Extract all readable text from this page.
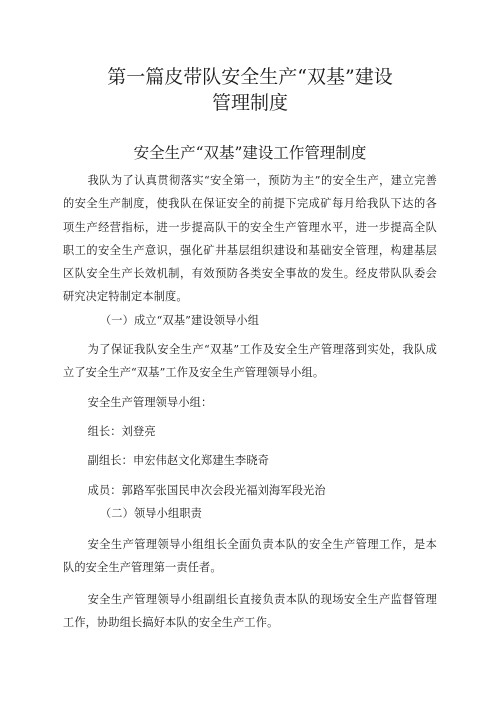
第一篇皮带队安全生产“双基”建设
管理制度
安全生产“双基”建设工作管理制度

我队为了认真贯彻落实“安全第一，预防为主”的安全生产，建立完善的安全生产制度，使我队在保证安全的前提下完成矿每月给我队下达的各项生产经营指标，进一步提高队干的安全生产管理水平，进一步提高全队职工的安全生产意识，强化矿井基层组织建设和基础安全管理，构建基层区队安全生产长效机制，有效预防各类安全事故的发生。经皮带队队委会研究决定特制定本制度。

（一）成立“双基”建设领导小组

为了保证我队安全生产“双基”工作及安全生产管理落到实处，我队成立了安全生产“双基”工作及安全生产管理领导小组。

安全生产管理领导小组：

组长：刘登亮

副组长：申宏伟赵文化郑建生李晓奇

成员：郭路军张国民申次会段光福刘海军段光治

（二）领导小组职责

安全生产管理领导小组组长全面负责本队的安全生产管理工作，是本队的安全生产管理第一责任者。

安全生产管理领导小组副组长直接负责本队的现场安全生产监督管理工作，协助组长搞好本队的安全生产工作。
